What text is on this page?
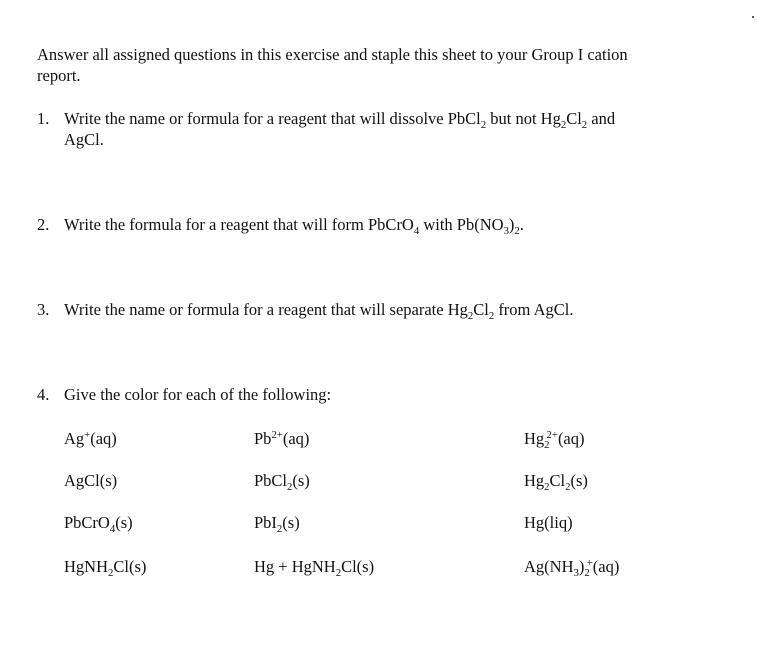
Answer all assigned questions in this exercise and staple this sheet to your Group I cation
report.
1. Write the name or formula for a reagent that will dissolve PbCl$_2$ but not $Hg_2Cl_2$ and
AgCl.
2. Write the formula for a reagent that will form PbCrO$_4$ with $Pb(NO_3)_2$.
3. Write the name or formula for a reagent that will separate $Hg_2Cl_2$ from AgCl.
4. Give the color for each of the following:
Ag+(aq)	$Pb^{2+}(aq)$	$Hg_2^{2+}(aq)$
AgCl(s)	PbCl$_2$(s)	$Hg_2Cl_2(s)$
PbCrO$_4$(s)	PbI$_2$(s)	Hg(liq)
HgNH$_2$Cl(s)	Hg + HgNH$_2$Cl(s)	$Ag(NH_3)_2^+(aq)$
